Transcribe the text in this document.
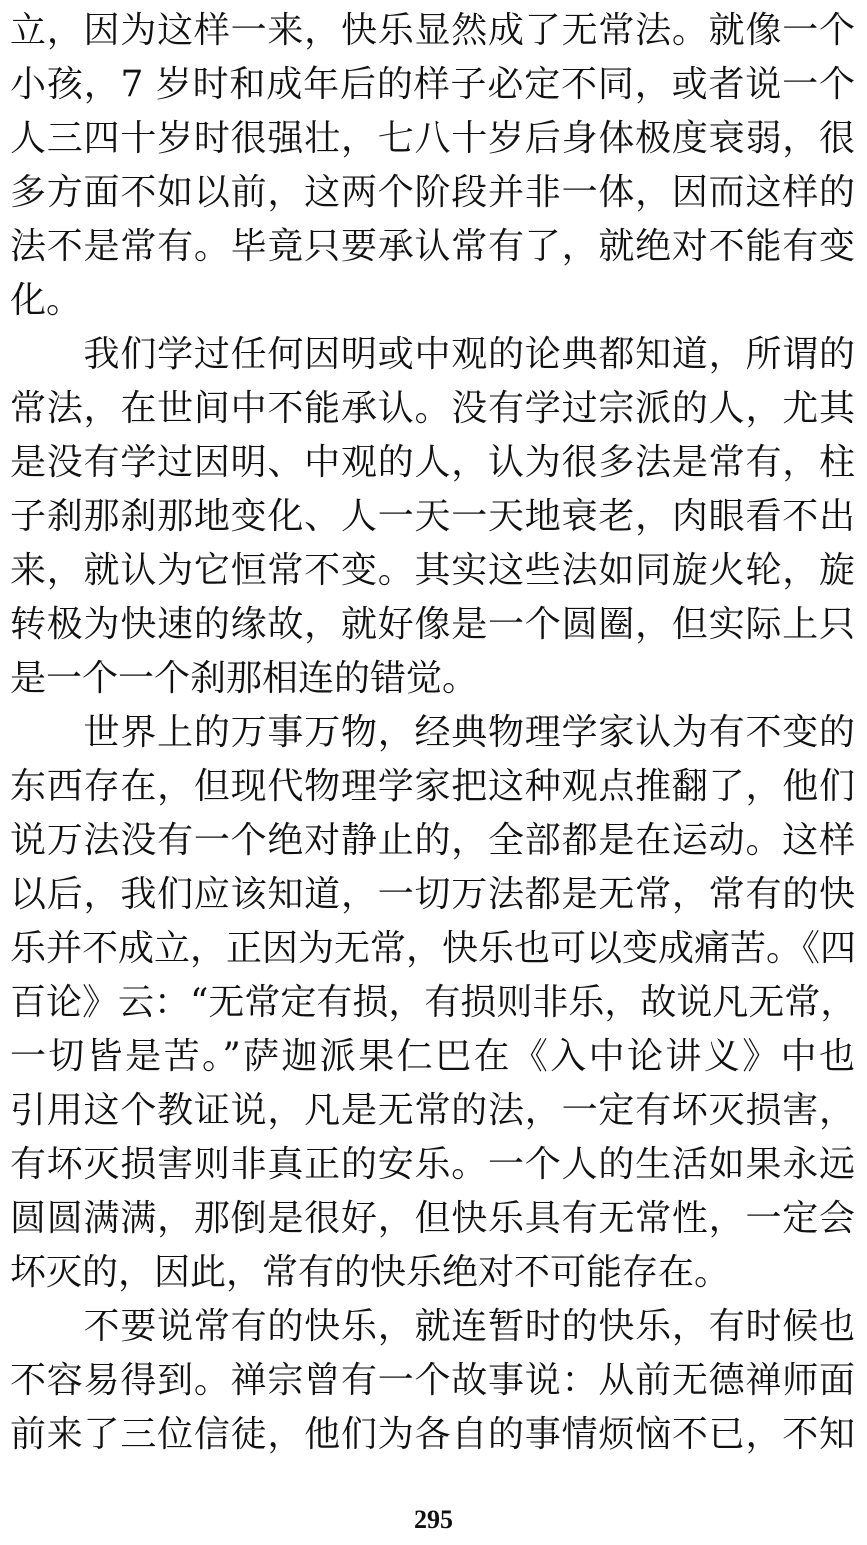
立，因为这样一来，快乐显然成了无常法。就像一个
小孩，7 岁时和成年后的样子必定不同，或者说一个
人三四十岁时很强壮，七八十岁后身体极度衰弱，很
多方面不如以前，这两个阶段并非一体，因而这样的
法不是常有。毕竟只要承认常有了，就绝对不能有变
化。
　　我们学过任何因明或中观的论典都知道，所谓的
常法，在世间中不能承认。没有学过宗派的人，尤其
是没有学过因明、中观的人，认为很多法是常有，柱
子刹那刹那地变化、人一天一天地衰老，肉眼看不出
来，就认为它恒常不变。其实这些法如同旋火轮，旋
转极为快速的缘故，就好像是一个圆圈，但实际上只
是一个一个刹那相连的错觉。
　　世界上的万事万物，经典物理学家认为有不变的
东西存在，但现代物理学家把这种观点推翻了，他们
说万法没有一个绝对静止的，全部都是在运动。这样
以后，我们应该知道，一切万法都是无常，常有的快
乐并不成立，正因为无常，快乐也可以变成痛苦。《四
百论》云：“无常定有损，有损则非乐，故说凡无常，
一切皆是苦。”萨迦派果仁巴在《入中论讲义》中也
引用这个教证说，凡是无常的法，一定有坏灭损害，
有坏灭损害则非真正的安乐。一个人的生活如果永远
圆圆满满，那倒是很好，但快乐具有无常性，一定会
坏灭的，因此，常有的快乐绝对不可能存在。
　　不要说常有的快乐，就连暂时的快乐，有时候也
不容易得到。禅宗曾有一个故事说：从前无德禅师面
前来了三位信徒，他们为各自的事情烦恼不已，不知
295
